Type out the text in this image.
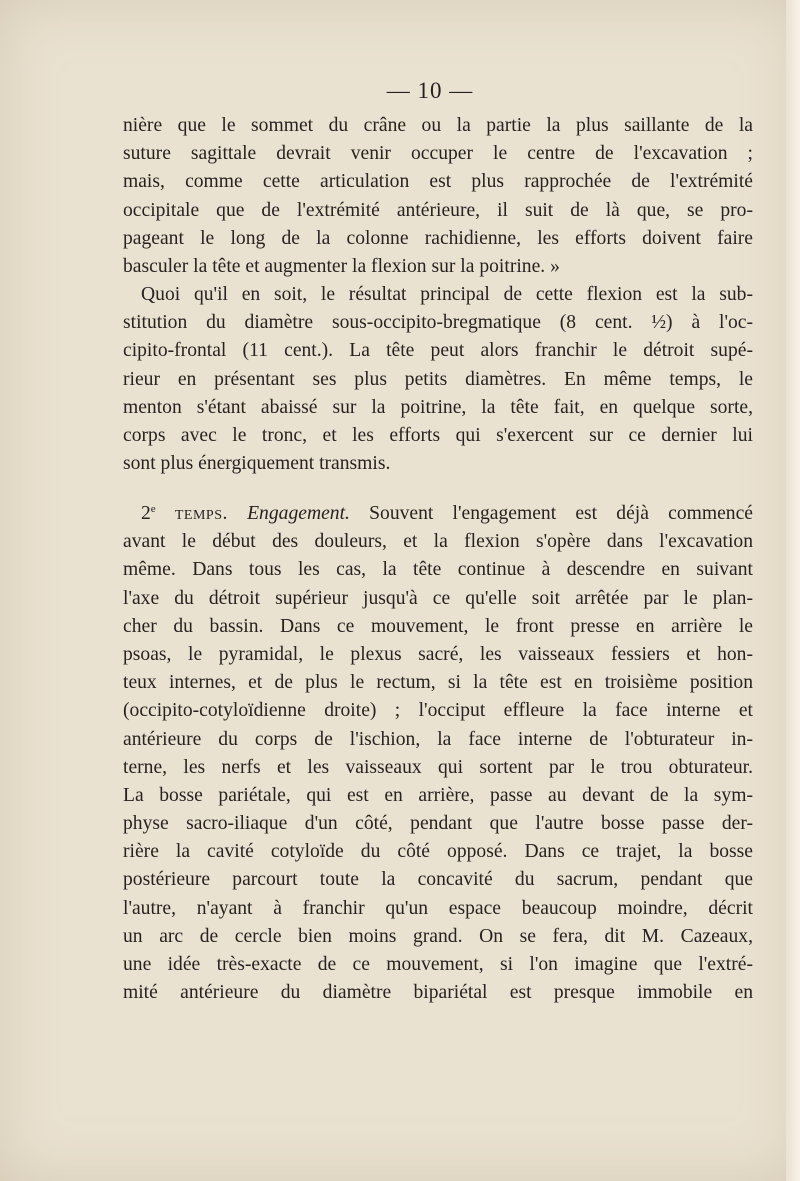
— 10 —
nière que le sommet du crâne ou la partie la plus saillante de la
suture sagittale devrait venir occuper le centre de l'excavation ;
mais, comme cette articulation est plus rapprochée de l'extrémité
occipitale que de l'extrémité antérieure, il suit de là que, se pro-
pageant le long de la colonne rachidienne, les efforts doivent faire
basculer la tête et augmenter la flexion sur la poitrine. »
Quoi qu'il en soit, le résultat principal de cette flexion est la sub-
stitution du diamètre sous-occipito-bregmatique (8 cent. ½) à l'oc-
cipito-frontal (11 cent.). La tête peut alors franchir le détroit supé-
rieur en présentant ses plus petits diamètres. En même temps, le
menton s'étant abaissé sur la poitrine, la tête fait, en quelque sorte,
corps avec le tronc, et les efforts qui s'exercent sur ce dernier lui
sont plus énergiquement transmis.
2e temps. Engagement. Souvent l'engagement est déjà commencé
avant le début des douleurs, et la flexion s'opère dans l'excavation
même. Dans tous les cas, la tête continue à descendre en suivant
l'axe du détroit supérieur jusqu'à ce qu'elle soit arrêtée par le plan-
cher du bassin. Dans ce mouvement, le front presse en arrière le
psoas, le pyramidal, le plexus sacré, les vaisseaux fessiers et hon-
teux internes, et de plus le rectum, si la tête est en troisième position
(occipito-cotyloïdienne droite) ; l'occiput effleure la face interne et
antérieure du corps de l'ischion, la face interne de l'obturateur in-
terne, les nerfs et les vaisseaux qui sortent par le trou obturateur.
La bosse pariétale, qui est en arrière, passe au devant de la sym-
physe sacro-iliaque d'un côté, pendant que l'autre bosse passe der-
rière la cavité cotyloïde du côté opposé. Dans ce trajet, la bosse
postérieure parcourt toute la concavité du sacrum, pendant que
l'autre, n'ayant à franchir qu'un espace beaucoup moindre, décrit
un arc de cercle bien moins grand. On se fera, dit M. Cazeaux,
une idée très-exacte de ce mouvement, si l'on imagine que l'extré-
mité antérieure du diamètre bipariétal est presque immobile en
